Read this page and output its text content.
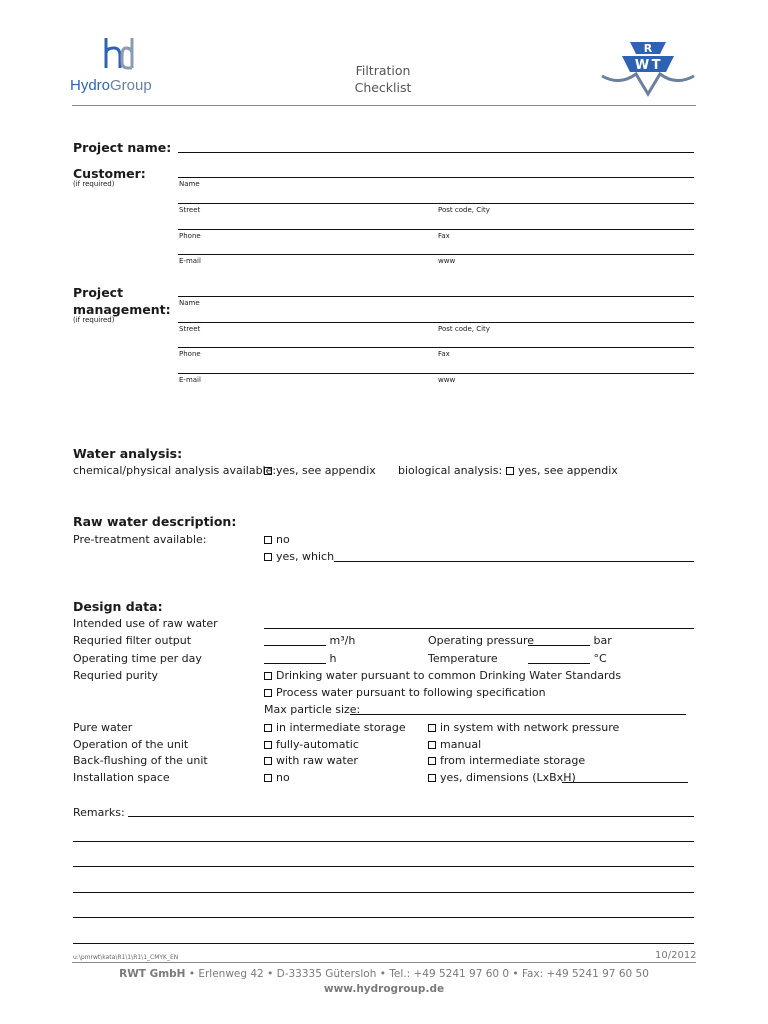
HydroGroup
Filtration
Checklist
R
W T
Project name:
Customer:
(if required)	Name
Street	Post code, City
Phone	Fax
E-mail	www
Project
management:
(if required)
Name
Street	Post code, City
Phone	Fax
E-mail	www
Water analysis:
chemical/physical analysis available: yes, see appendix biological analysis:	yes, see appendix
Raw water description:
Pre-treatment available:	no
yes, which
Design data:
Intended use of raw water
Requried filter output	m³/h	Operating pressure	bar
Operating time per day	h	Temperature	°C
Requried purity	Drinking water pursuant to common Drinking Water Standards
Process water pursuant to following specification
Max particle size:
Pure water	in intermediate storage	in system with network pressure
Operation of the unit	fully-automatic	manual
Back-flushing of the unit	with raw water	from intermediate storage
Installation space	no	yes, dimensions (LxBxH)
Remarks:
u:\pmrwt\kata\R1\1\R1\1_CMYK_EN	10/2012
RWT GmbH • Erlenweg 42 • D-33335 Gütersloh • Tel.: +49 5241 97 60 0 • Fax: +49 5241 97 60 50
www.hydrogroup.de
